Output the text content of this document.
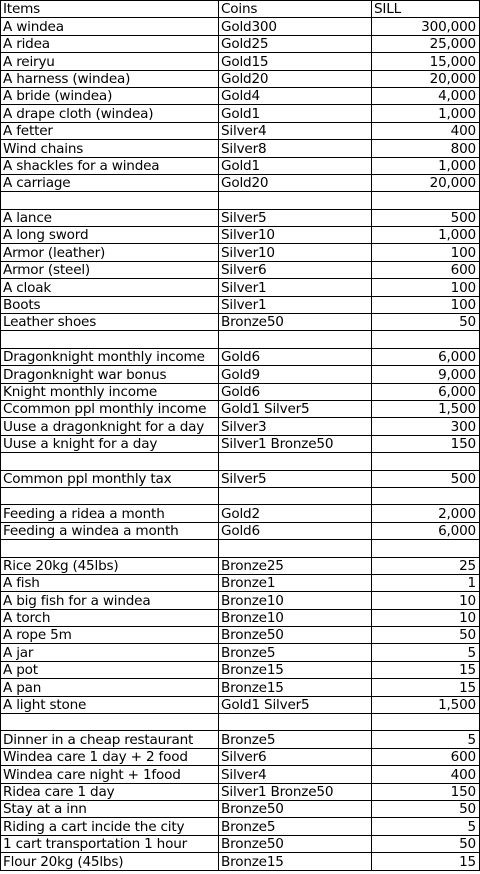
Items	Coins	SILL
A windea	Gold300	300,000
A ridea	Gold25	25,000
A reiryu	Gold15	15,000
A harness (windea)	Gold20	20,000
A bride (windea)	Gold4	4,000
A drape cloth (windea)	Gold1	1,000
A fetter	Silver4	400
Wind chains	Silver8	800
A shackles for a windea	Gold1	1,000
A carriage	Gold20	20,000

A lance	Silver5	500
A long sword	Silver10	1,000
Armor (leather)	Silver10	100
Armor (steel)	Silver6	600
A cloak	Silver1	100
Boots	Silver1	100
Leather shoes	Bronze50	50

Dragonknight monthly income	Gold6	6,000
Dragonknight war bonus	Gold9	9,000
Knight monthly income	Gold6	6,000
Ccommon ppl monthly income	Gold1 Silver5	1,500
Uuse a dragonknight for a day	Silver3	300
Uuse a knight for a day	Silver1 Bronze50	150

Common ppl monthly tax	Silver5	500

Feeding a ridea a month	Gold2	2,000
Feeding a windea a month	Gold6	6,000

Rice 20kg (45lbs)	Bronze25	25
A fish	Bronze1	1
A big fish for a windea	Bronze10	10
A torch	Bronze10	10
A rope 5m	Bronze50	50
A jar	Bronze5	5
A pot	Bronze15	15
A pan	Bronze15	15
A light stone	Gold1 Silver5	1,500

Dinner in a cheap restaurant	Bronze5	5
Windea care 1 day + 2 food	Silver6	600
Windea care night + 1food	Silver4	400
Ridea care 1 day	Silver1 Bronze50	150
Stay at a inn	Bronze50	50
Riding a cart incide the city	Bronze5	5
1 cart transportation 1 hour	Bronze50	50
Flour 20kg (45lbs)	Bronze15	15
